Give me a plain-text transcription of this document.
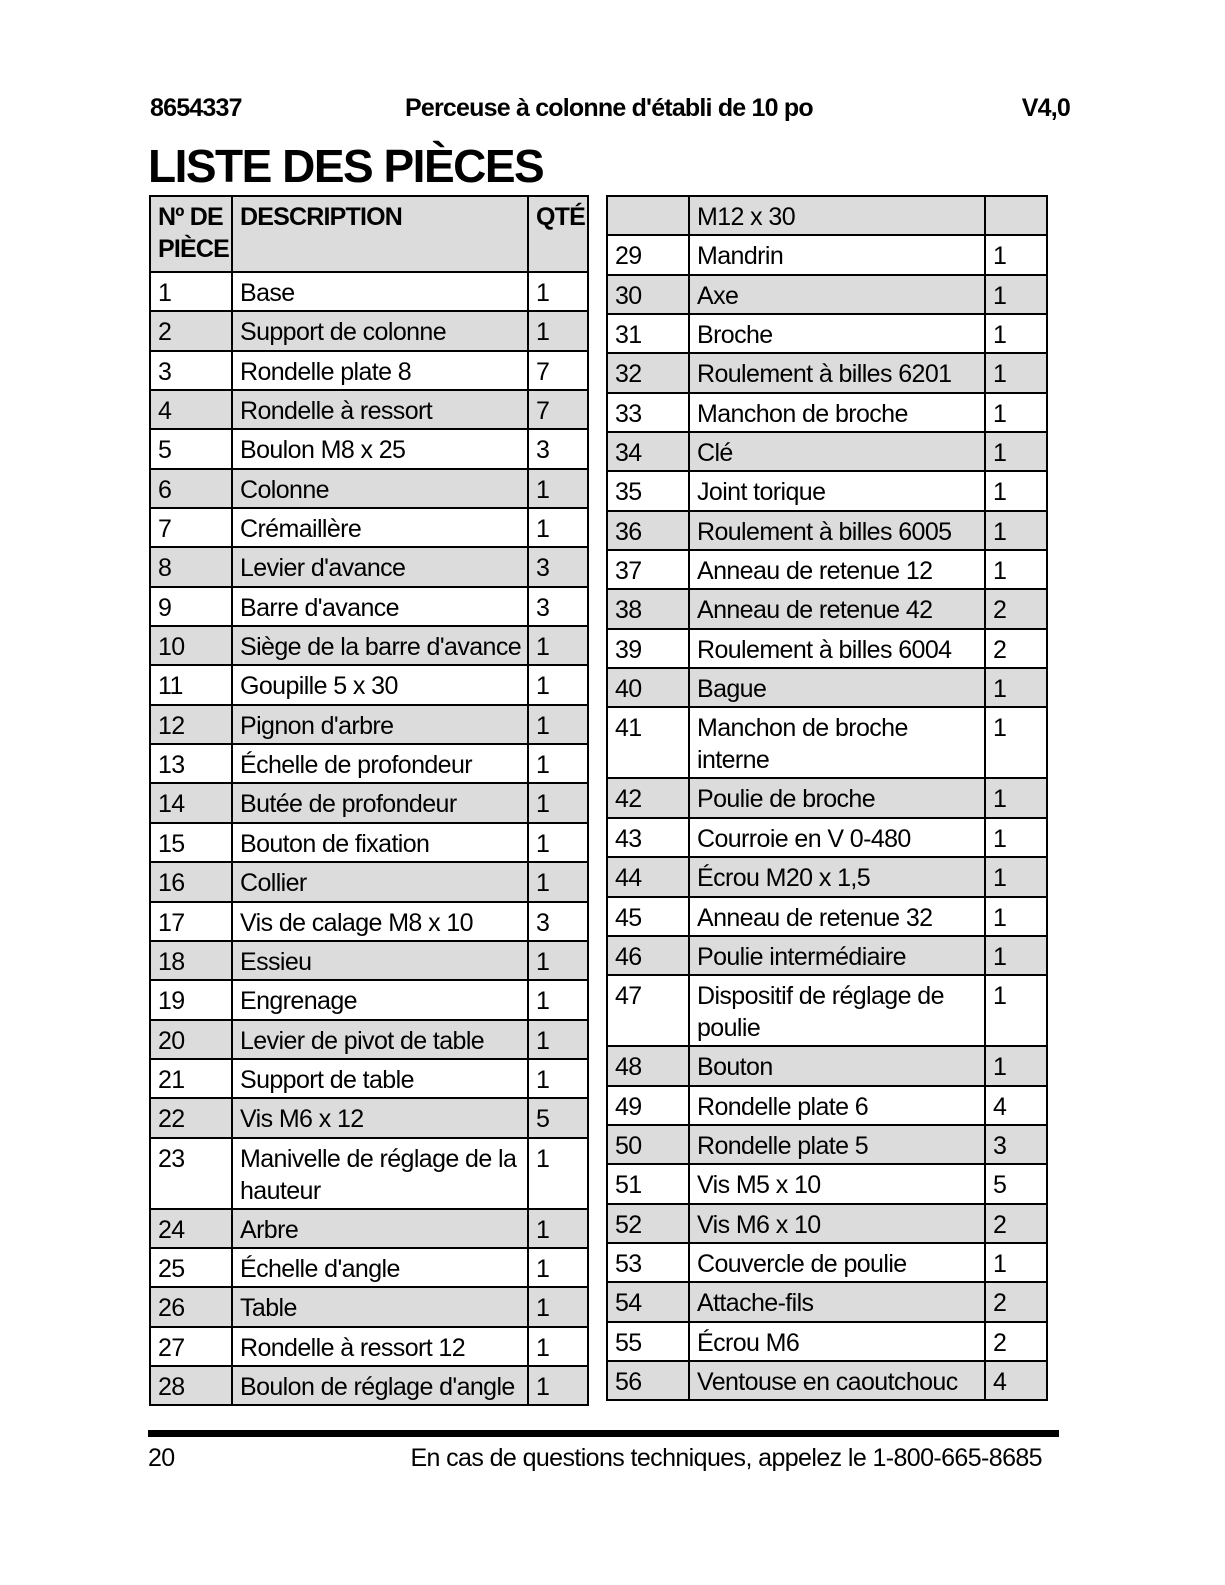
8654337	Perceuse à colonne d'établi de 10 po	V4,0
LISTE DES PIÈCES
Nº DE PIÈCE	DESCRIPTION	QTÉ
1	Base	1
2	Support de colonne	1
3	Rondelle plate 8	7
4	Rondelle à ressort	7
5	Boulon M8 x 25	3
6	Colonne	1
7	Crémaillère	1
8	Levier d'avance	3
9	Barre d'avance	3
10	Siège de la barre d'avance	1
11	Goupille 5 x 30	1
12	Pignon d'arbre	1
13	Échelle de profondeur	1
14	Butée de profondeur	1
15	Bouton de fixation	1
16	Collier	1
17	Vis de calage M8 x 10	3
18	Essieu	1
19	Engrenage	1
20	Levier de pivot de table	1
21	Support de table	1
22	Vis M6 x 12	5
23	Manivelle de réglage de la hauteur	1
24	Arbre	1
25	Échelle d'angle	1
26	Table	1
27	Rondelle à ressort 12	1
28	Boulon de réglage d'angle	1
	M12 x 30	
29	Mandrin	1
30	Axe	1
31	Broche	1
32	Roulement à billes 6201	1
33	Manchon de broche	1
34	Clé	1
35	Joint torique	1
36	Roulement à billes 6005	1
37	Anneau de retenue 12	1
38	Anneau de retenue 42	2
39	Roulement à billes 6004	2
40	Bague	1
41	Manchon de broche interne	1
42	Poulie de broche	1
43	Courroie en V 0-480	1
44	Écrou M20 x 1,5	1
45	Anneau de retenue 32	1
46	Poulie intermédiaire	1
47	Dispositif de réglage de poulie	1
48	Bouton	1
49	Rondelle plate 6	4
50	Rondelle plate 5	3
51	Vis M5 x 10	5
52	Vis M6 x 10	2
53	Couvercle de poulie	1
54	Attache-fils	2
55	Écrou M6	2
56	Ventouse en caoutchouc	4
20	En cas de questions techniques, appelez le 1-800-665-8685
